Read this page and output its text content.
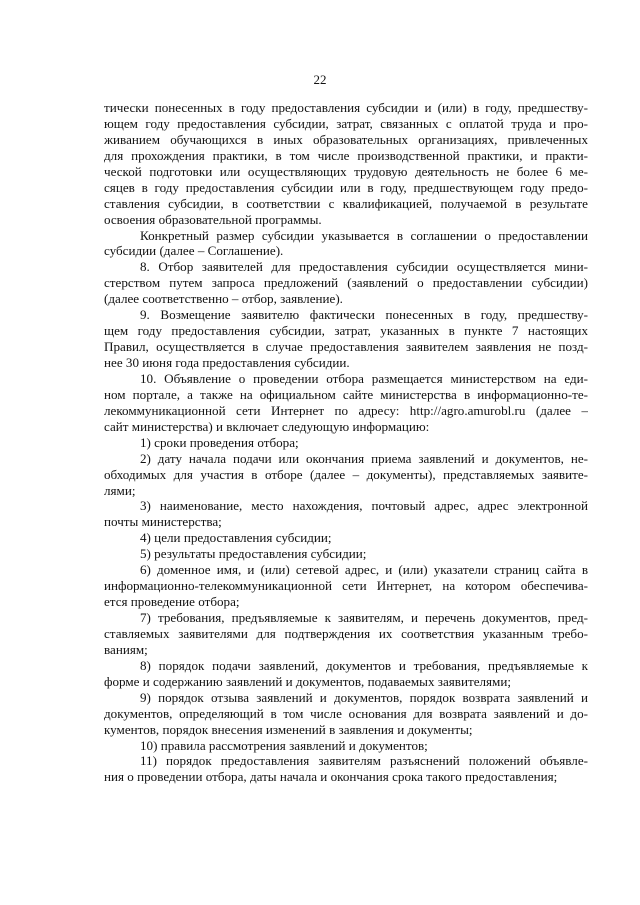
22
тически понесенных в году предоставления субсидии и (или) в году, предшеству-
ющем году предоставления субсидии, затрат, связанных с оплатой труда и про-
живанием обучающихся в иных образовательных организациях, привлеченных
для прохождения практики, в том числе производственной практики, и практи-
ческой подготовки или осуществляющих трудовую деятельность не более 6 ме-
сяцев в году предоставления субсидии или в году, предшествующем году предо-
ставления субсидии, в соответствии с квалификацией, получаемой в результате
освоения образовательной программы.
Конкретный размер субсидии указывается в соглашении о предоставлении
субсидии (далее – Соглашение).
8. Отбор заявителей для предоставления субсидии осуществляется мини-
стерством путем запроса предложений (заявлений о предоставлении субсидии)
(далее соответственно – отбор, заявление).
9. Возмещение заявителю фактически понесенных в году, предшеству-
щем году предоставления субсидии, затрат, указанных в пункте 7 настоящих
Правил, осуществляется в случае предоставления заявителем заявления не позд-
нее 30 июня года предоставления субсидии.
10. Объявление о проведении отбора размещается министерством на еди-
ном портале, а также на официальном сайте министерства в информационно-те-
лекоммуникационной сети Интернет по адресу: http://agro.amurobl.ru (далее –
сайт министерства) и включает следующую информацию:
1) сроки проведения отбора;
2) дату начала подачи или окончания приема заявлений и документов, не-
обходимых для участия в отборе (далее – документы), представляемых заявите-
лями;
3) наименование, место нахождения, почтовый адрес, адрес электронной
почты министерства;
4) цели предоставления субсидии;
5) результаты предоставления субсидии;
6) доменное имя, и (или) сетевой адрес, и (или) указатели страниц сайта в
информационно-телекоммуникационной сети Интернет, на котором обеспечива-
ется проведение отбора;
7) требования, предъявляемые к заявителям, и перечень документов, пред-
ставляемых заявителями для подтверждения их соответствия указанным требо-
ваниям;
8) порядок подачи заявлений, документов и требования, предъявляемые к
форме и содержанию заявлений и документов, подаваемых заявителями;
9) порядок отзыва заявлений и документов, порядок возврата заявлений и
документов, определяющий в том числе основания для возврата заявлений и до-
кументов, порядок внесения изменений в заявления и документы;
10) правила рассмотрения заявлений и документов;
11) порядок предоставления заявителям разъяснений положений объявле-
ния о проведении отбора, даты начала и окончания срока такого предоставления;
